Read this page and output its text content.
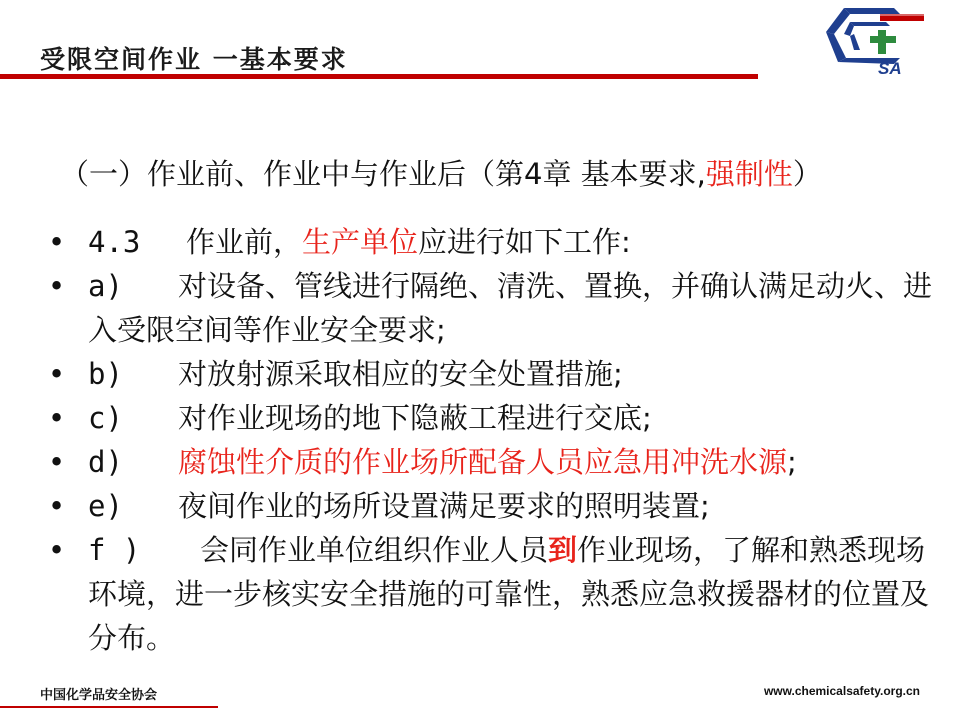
受限空间作业 一基本要求	SA
（一）作业前、作业中与作业后（第4章 基本要求,强制性）
• 4.3 作业前，生产单位应进行如下工作:
• a) 对设备、管线进行隔绝、清洗、置换，并确认满足动火、进入受限空间等作业安全要求;
• b) 对放射源采取相应的安全处置措施;
• c) 对作业现场的地下隐蔽工程进行交底;
• d) 腐蚀性介质的作业场所配备人员应急用冲洗水源;
• e) 夜间作业的场所设置满足要求的照明装置;
• f ) 会同作业单位组织作业人员到作业现场，了解和熟悉现场环境，进一步核实安全措施的可靠性，熟悉应急救援器材的位置及分布。
中国化学品安全协会	www.chemicalsafety.org.cn
